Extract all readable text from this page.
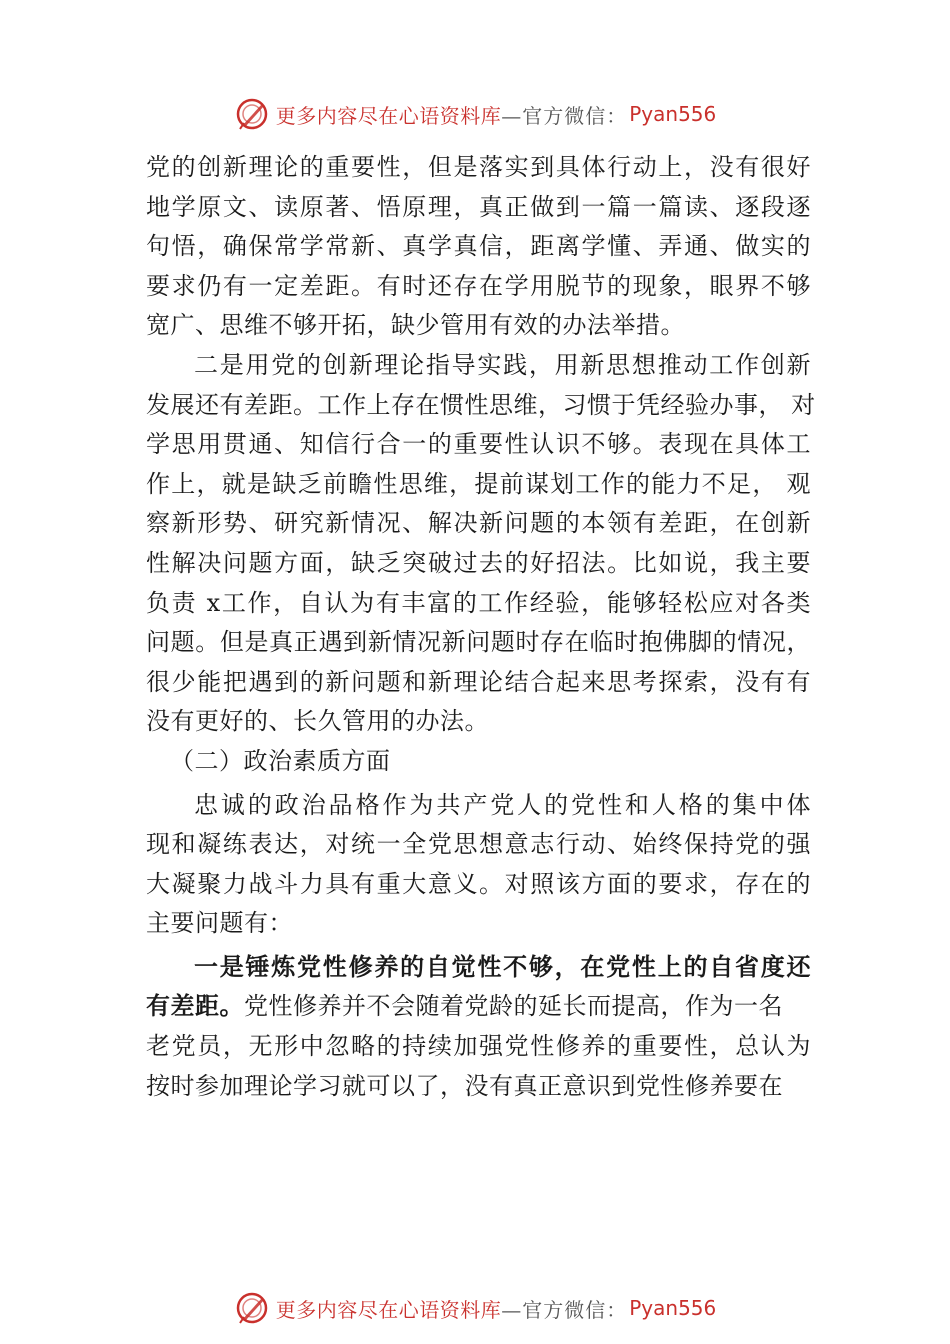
更多内容尽在心语资料库 —官方微信： Pyan556
党的创新理论的重要性，但是落实到具体行动上，没有很好
地学原文、读原著、悟原理，真正做到一篇一篇读、逐段逐
句悟，确保常学常新、真学真信，距离学懂、弄通、做实的
要求仍有一定差距。有时还存在学用脱节的现象，眼界不够
宽广、思维不够开拓，缺少管用有效的办法举措。
二是用党的创新理论指导实践，用新思想推动工作创新
发展还有差距。工作上存在惯性思维，习惯于凭经验办事， 对
学思用贯通、知信行合一的重要性认识不够。表现在具体工
作上，就是缺乏前瞻性思维，提前谋划工作的能力不足， 观
察新形势、研究新情况、解决新问题的本领有差距，在创新
性解决问题方面，缺乏突破过去的好招法。比如说，我主要
负责 x工作，自认为有丰富的工作经验，能够轻松应对各类
问题。但是真正遇到新情况新问题时存在临时抱佛脚的情况，
很少能把遇到的新问题和新理论结合起来思考探索，没有有
没有更好的、长久管用的办法。
（二）政治素质方面
忠诚的政治品格作为共产党人的党性和人格的集中体
现和凝练表达，对统一全党思想意志行动、始终保持党的强
大凝聚力战斗力具有重大意义。对照该方面的要求，存在的
主要问题有：
一是锤炼党性修养的自觉性不够，在党性上的自省度还
有差距。党性修养并不会随着党龄的延长而提高，作为一名
老党员，无形中忽略的持续加强党性修养的重要性，总认为
按时参加理论学习就可以了，没有真正意识到党性修养要在
更多内容尽在心语资料库 —官方微信： Pyan556
